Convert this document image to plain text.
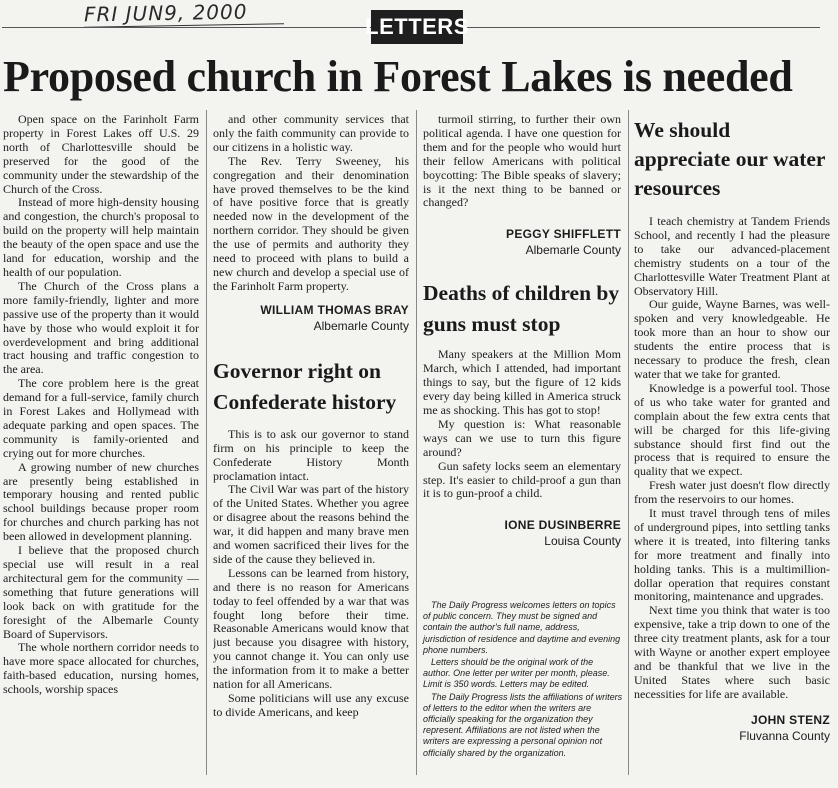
FRI JUN9, 2000
LETTERS
Proposed church in Forest Lakes is needed

Open space on the Farinholt Farm property in Forest Lakes off U.S. 29 north of Charlottesville should be preserved for the good of the community under the stewardship of the Church of the Cross.

Instead of more high-density housing and congestion, the church's proposal to build on the property will help maintain the beauty of the open space and use the land for education, worship and the health of our population.

The Church of the Cross plans a more family-friendly, lighter and more passive use of the property than it would have by those who would exploit it for overdevelopment and bring additional tract housing and traffic congestion to the area.

The core problem here is the great demand for a full-service, family church in Forest Lakes and Hollymead with adequate parking and open spaces. The community is family-oriented and crying out for more churches.

A growing number of new churches are presently being established in temporary housing and rented public school buildings because proper room for churches and church parking has not been allowed in development planning.

I believe that the proposed church special use will result in a real architectural gem for the community — something that future generations will look back on with gratitude for the foresight of the Albemarle County Board of Supervisors.

The whole northern corridor needs to have more space allocated for churches, faith-based education, nursing homes, schools, worship spaces

and other community services that only the faith community can provide to our citizens in a holistic way.

The Rev. Terry Sweeney, his congregation and their denomination have proved themselves to be the kind of have positive force that is greatly needed now in the development of the northern corridor. They should be given the use of permits and authority they need to proceed with plans to build a new church and develop a special use of the Farinholt Farm property.

WILLIAM THOMAS BRAY
Albemarle County
Governor right on Confederate history

This is to ask our governor to stand firm on his principle to keep the Confederate History Month proclamation intact.

The Civil War was part of the history of the United States. Whether you agree or disagree about the reasons behind the war, it did happen and many brave men and women sacrificed their lives for the side of the cause they believed in.

Lessons can be learned from history, and there is no reason for Americans today to feel offended by a war that was fought long before their time. Reasonable Americans would know that just because you disagree with history, you cannot change it. You can only use the information from it to make a better nation for all Americans.

Some politicians will use any excuse to divide Americans, and keep

turmoil stirring, to further their own political agenda. I have one question for them and for the people who would hurt their fellow Americans with political boycotting: The Bible speaks of slavery; is it the next thing to be banned or changed?

PEGGY SHIFFLETT
Albemarle County
Deaths of children by guns must stop

Many speakers at the Million Mom March, which I attended, had important things to say, but the figure of 12 kids every day being killed in America struck me as shocking. This has got to stop!

My question is: What reasonable ways can we use to turn this figure around?

Gun safety locks seem an elementary step. It's easier to child-proof a gun than it is to gun-proof a child.

IONE DUSINBERRE
Louisa County

The Daily Progress welcomes letters on topics of public concern. They must be signed and contain the author's full name, address, jurisdiction of residence and daytime and evening phone numbers.

Letters should be the original work of the author. One letter per writer per month, please. Limit is 350 words. Letters may be edited.

The Daily Progress lists the affiliations of writers of letters to the editor when the writers are officially speaking for the organization they represent. Affiliations are not listed when the writers are expressing a personal opinion not officially shared by the organization.

We should appreciate our water resources

I teach chemistry at Tandem Friends School, and recently I had the pleasure to take our advanced-placement chemistry students on a tour of the Charlottesville Water Treatment Plant at Observatory Hill.

Our guide, Wayne Barnes, was well-spoken and very knowledgeable. He took more than an hour to show our students the entire process that is necessary to produce the fresh, clean water that we take for granted.

Knowledge is a powerful tool. Those of us who take water for granted and complain about the few extra cents that will be charged for this life-giving substance should first find out the process that is required to ensure the quality that we expect.

Fresh water just doesn't flow directly from the reservoirs to our homes.

It must travel through tens of miles of underground pipes, into settling tanks where it is treated, into filtering tanks for more treatment and finally into holding tanks. This is a multimillion-dollar operation that requires constant monitoring, maintenance and upgrades.

Next time you think that water is too expensive, take a trip down to one of the three city treatment plants, ask for a tour with Wayne or another expert employee and be thankful that we live in the United States where such basic necessities for life are available.

JOHN STENZ
Fluvanna County
